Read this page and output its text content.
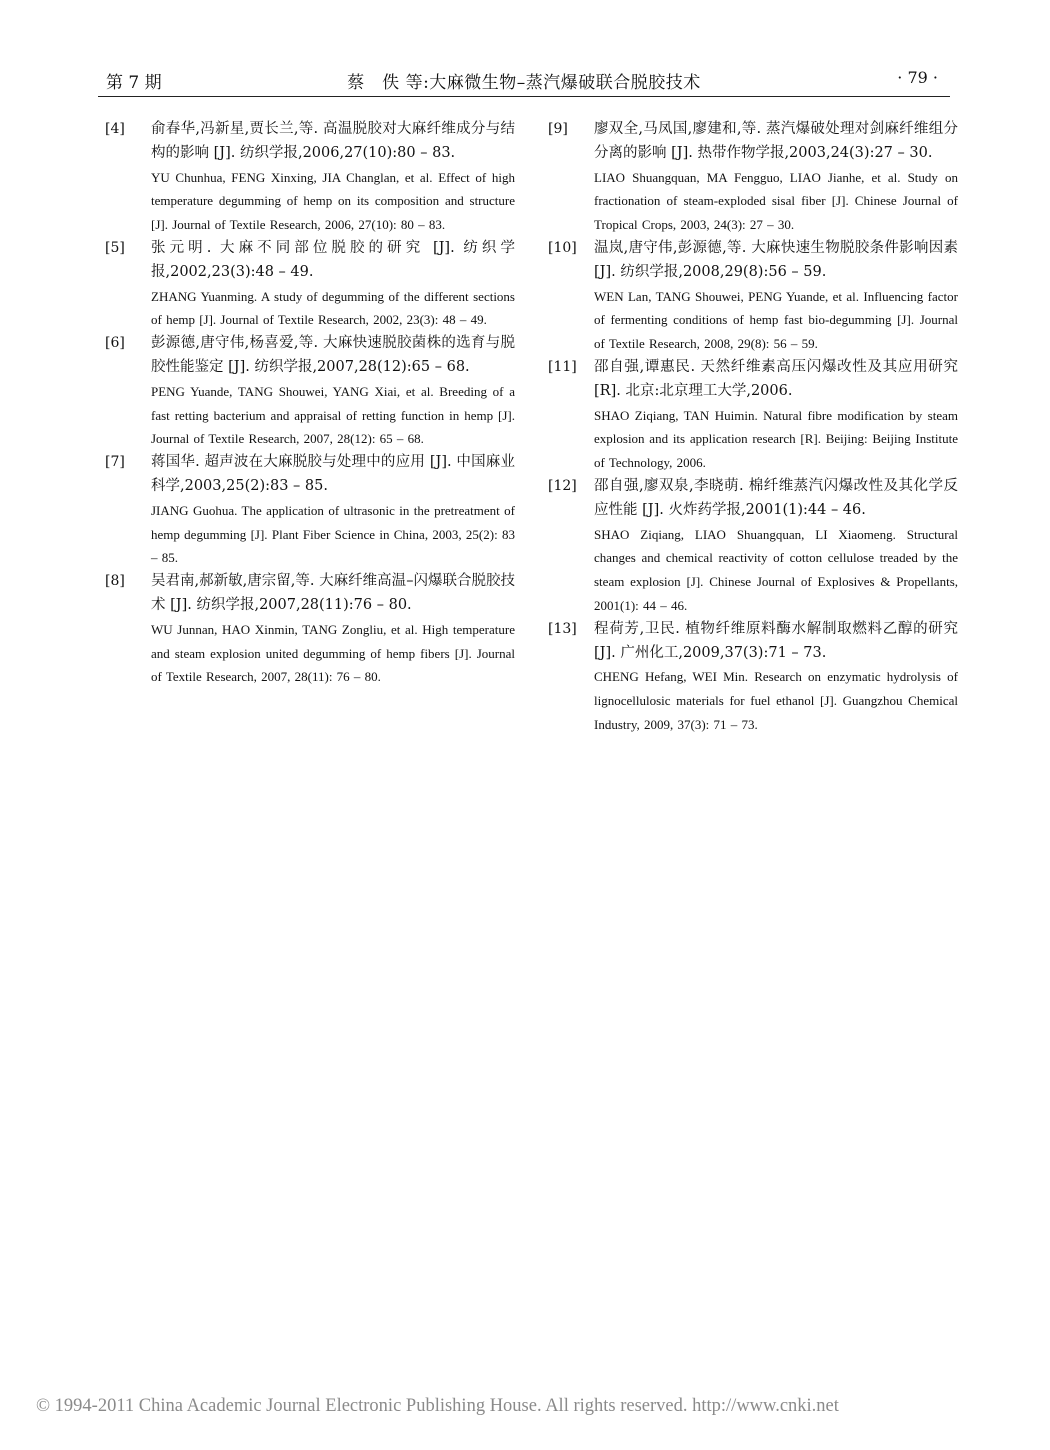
第 7 期	蔡　佚 等:大麻微生物–蒸汽爆破联合脱胶技术	· 79 ·
[4]	俞春华,冯新星,贾长兰,等. 高温脱胶对大麻纤维成分与结构的影响 [J]. 纺织学报,2006,27(10):80 – 83.
YU Chunhua, FENG Xinxing, JIA Changlan, et al. Effect of high temperature degumming of hemp on its composition and structure [J]. Journal of Textile Research, 2006, 27(10): 80 – 83.
[5]	张元明. 大麻不同部位脱胶的研究 [J]. 纺织学报,2002,23(3):48 – 49.
ZHANG Yuanming. A study of degumming of the different sections of hemp [J]. Journal of Textile Research, 2002, 23(3): 48 – 49.
[6]	彭源德,唐守伟,杨喜爱,等. 大麻快速脱胶菌株的选育与脱胶性能鉴定 [J]. 纺织学报,2007,28(12):65 – 68.
PENG Yuande, TANG Shouwei, YANG Xiai, et al. Breeding of a fast retting bacterium and appraisal of retting function in hemp [J]. Journal of Textile Research, 2007, 28(12): 65 – 68.
[7]	蒋国华. 超声波在大麻脱胶与处理中的应用 [J]. 中国麻业科学,2003,25(2):83 – 85.
JIANG Guohua. The application of ultrasonic in the pretreatment of hemp degumming [J]. Plant Fiber Science in China, 2003, 25(2): 83 – 85.
[8]	吴君南,郝新敏,唐宗留,等. 大麻纤维高温–闪爆联合脱胶技术 [J]. 纺织学报,2007,28(11):76 – 80.
WU Junnan, HAO Xinmin, TANG Zongliu, et al. High temperature and steam explosion united degumming of hemp fibers [J]. Journal of Textile Research, 2007, 28(11): 76 – 80.
[9]	廖双全,马凤国,廖建和,等. 蒸汽爆破处理对剑麻纤维组分分离的影响 [J]. 热带作物学报,2003,24(3):27 – 30.
LIAO Shuangquan, MA Fengguo, LIAO Jianhe, et al. Study on fractionation of steam-exploded sisal fiber [J]. Chinese Journal of Tropical Crops, 2003, 24(3): 27 – 30.
[10]	温岚,唐守伟,彭源德,等. 大麻快速生物脱胶条件影响因素 [J]. 纺织学报,2008,29(8):56 – 59.
WEN Lan, TANG Shouwei, PENG Yuande, et al. Influencing factor of fermenting conditions of hemp fast bio-degumming [J]. Journal of Textile Research, 2008, 29(8): 56 – 59.
[11]	邵自强,谭惠民. 天然纤维素高压闪爆改性及其应用研究 [R]. 北京:北京理工大学,2006.
SHAO Ziqiang, TAN Huimin. Natural fibre modification by steam explosion and its application research [R]. Beijing: Beijing Institute of Technology, 2006.
[12]	邵自强,廖双泉,李晓萌. 棉纤维蒸汽闪爆改性及其化学反应性能 [J]. 火炸药学报,2001(1):44 – 46.
SHAO Ziqiang, LIAO Shuangquan, LI Xiaomeng. Structural changes and chemical reactivity of cotton cellulose treaded by the steam explosion [J]. Chinese Journal of Explosives & Propellants, 2001(1): 44 – 46.
[13]	程荷芳,卫民. 植物纤维原料酶水解制取燃料乙醇的研究 [J]. 广州化工,2009,37(3):71 – 73.
CHENG Hefang, WEI Min. Research on enzymatic hydrolysis of lignocellulosic materials for fuel ethanol [J]. Guangzhou Chemical Industry, 2009, 37(3): 71 – 73.
© 1994-2011 China Academic Journal Electronic Publishing House. All rights reserved. http://www.cnki.net
